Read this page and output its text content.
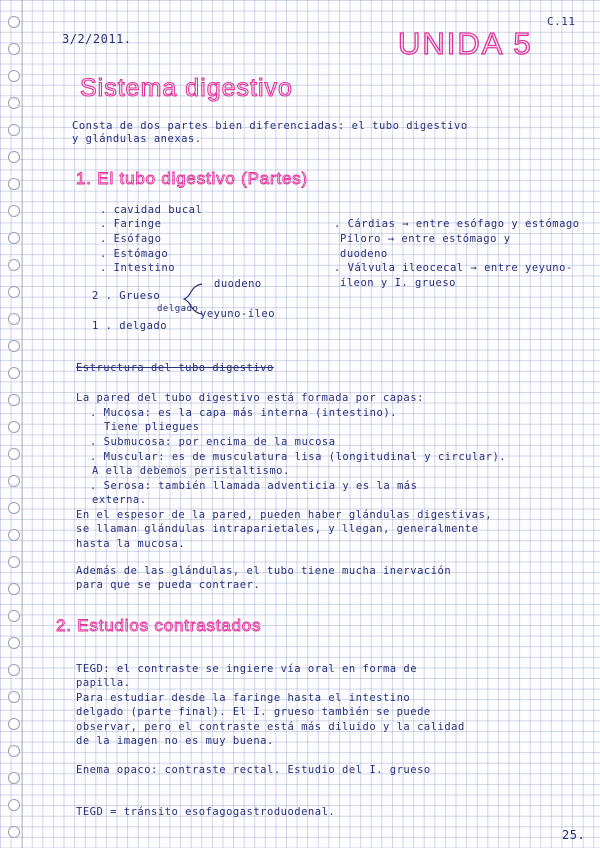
3/2/2011.
C.11
UNIDA 5
Sistema digestivo
Consta de dos partes bien diferenciadas: el tubo digestivo
y glándulas anexas.
1. El tubo digestivo (Partes)
. cavidad bucal
. Faringe
. Esófago
. Estómago
. Intestino
2 . Grueso
delgado
1 . delgado
duodeno
yeyuno-íleo
. Cárdias → entre esófago y estómago
Píloro → entre estómago y
duodeno
. Válvula ileocecal → entre yeyuno-
íleon y I. grueso
Estructura del tubo digestivo
La pared del tubo digestivo está formada por capas:
. Mucosa: es la capa más interna (intestino).
Tiene pliegues
. Submucosa: por encima de la mucosa
. Muscular: es de musculatura lisa (longitudinal y circular).
A ella debemos peristaltismo.
. Serosa: también llamada adventicia y es la más
externa.
En el espesor de la pared, pueden haber glándulas digestivas,
se llaman glándulas intraparietales, y llegan, generalmente
hasta la mucosa.
Además de las glándulas, el tubo tiene mucha inervación
para que se pueda contraer.
2. Estudios contrastados
TEGD: el contraste se ingiere vía oral en forma de
papilla.
Para estudiar desde la faringe hasta el intestino
delgado (parte final). El I. grueso también se puede
observar, pero el contraste está más diluido y la calidad
de la imagen no es muy buena.
Enema opaco: contraste rectal. Estudio del I. grueso
TEGD = tránsito esofagogastroduodenal.
25.
